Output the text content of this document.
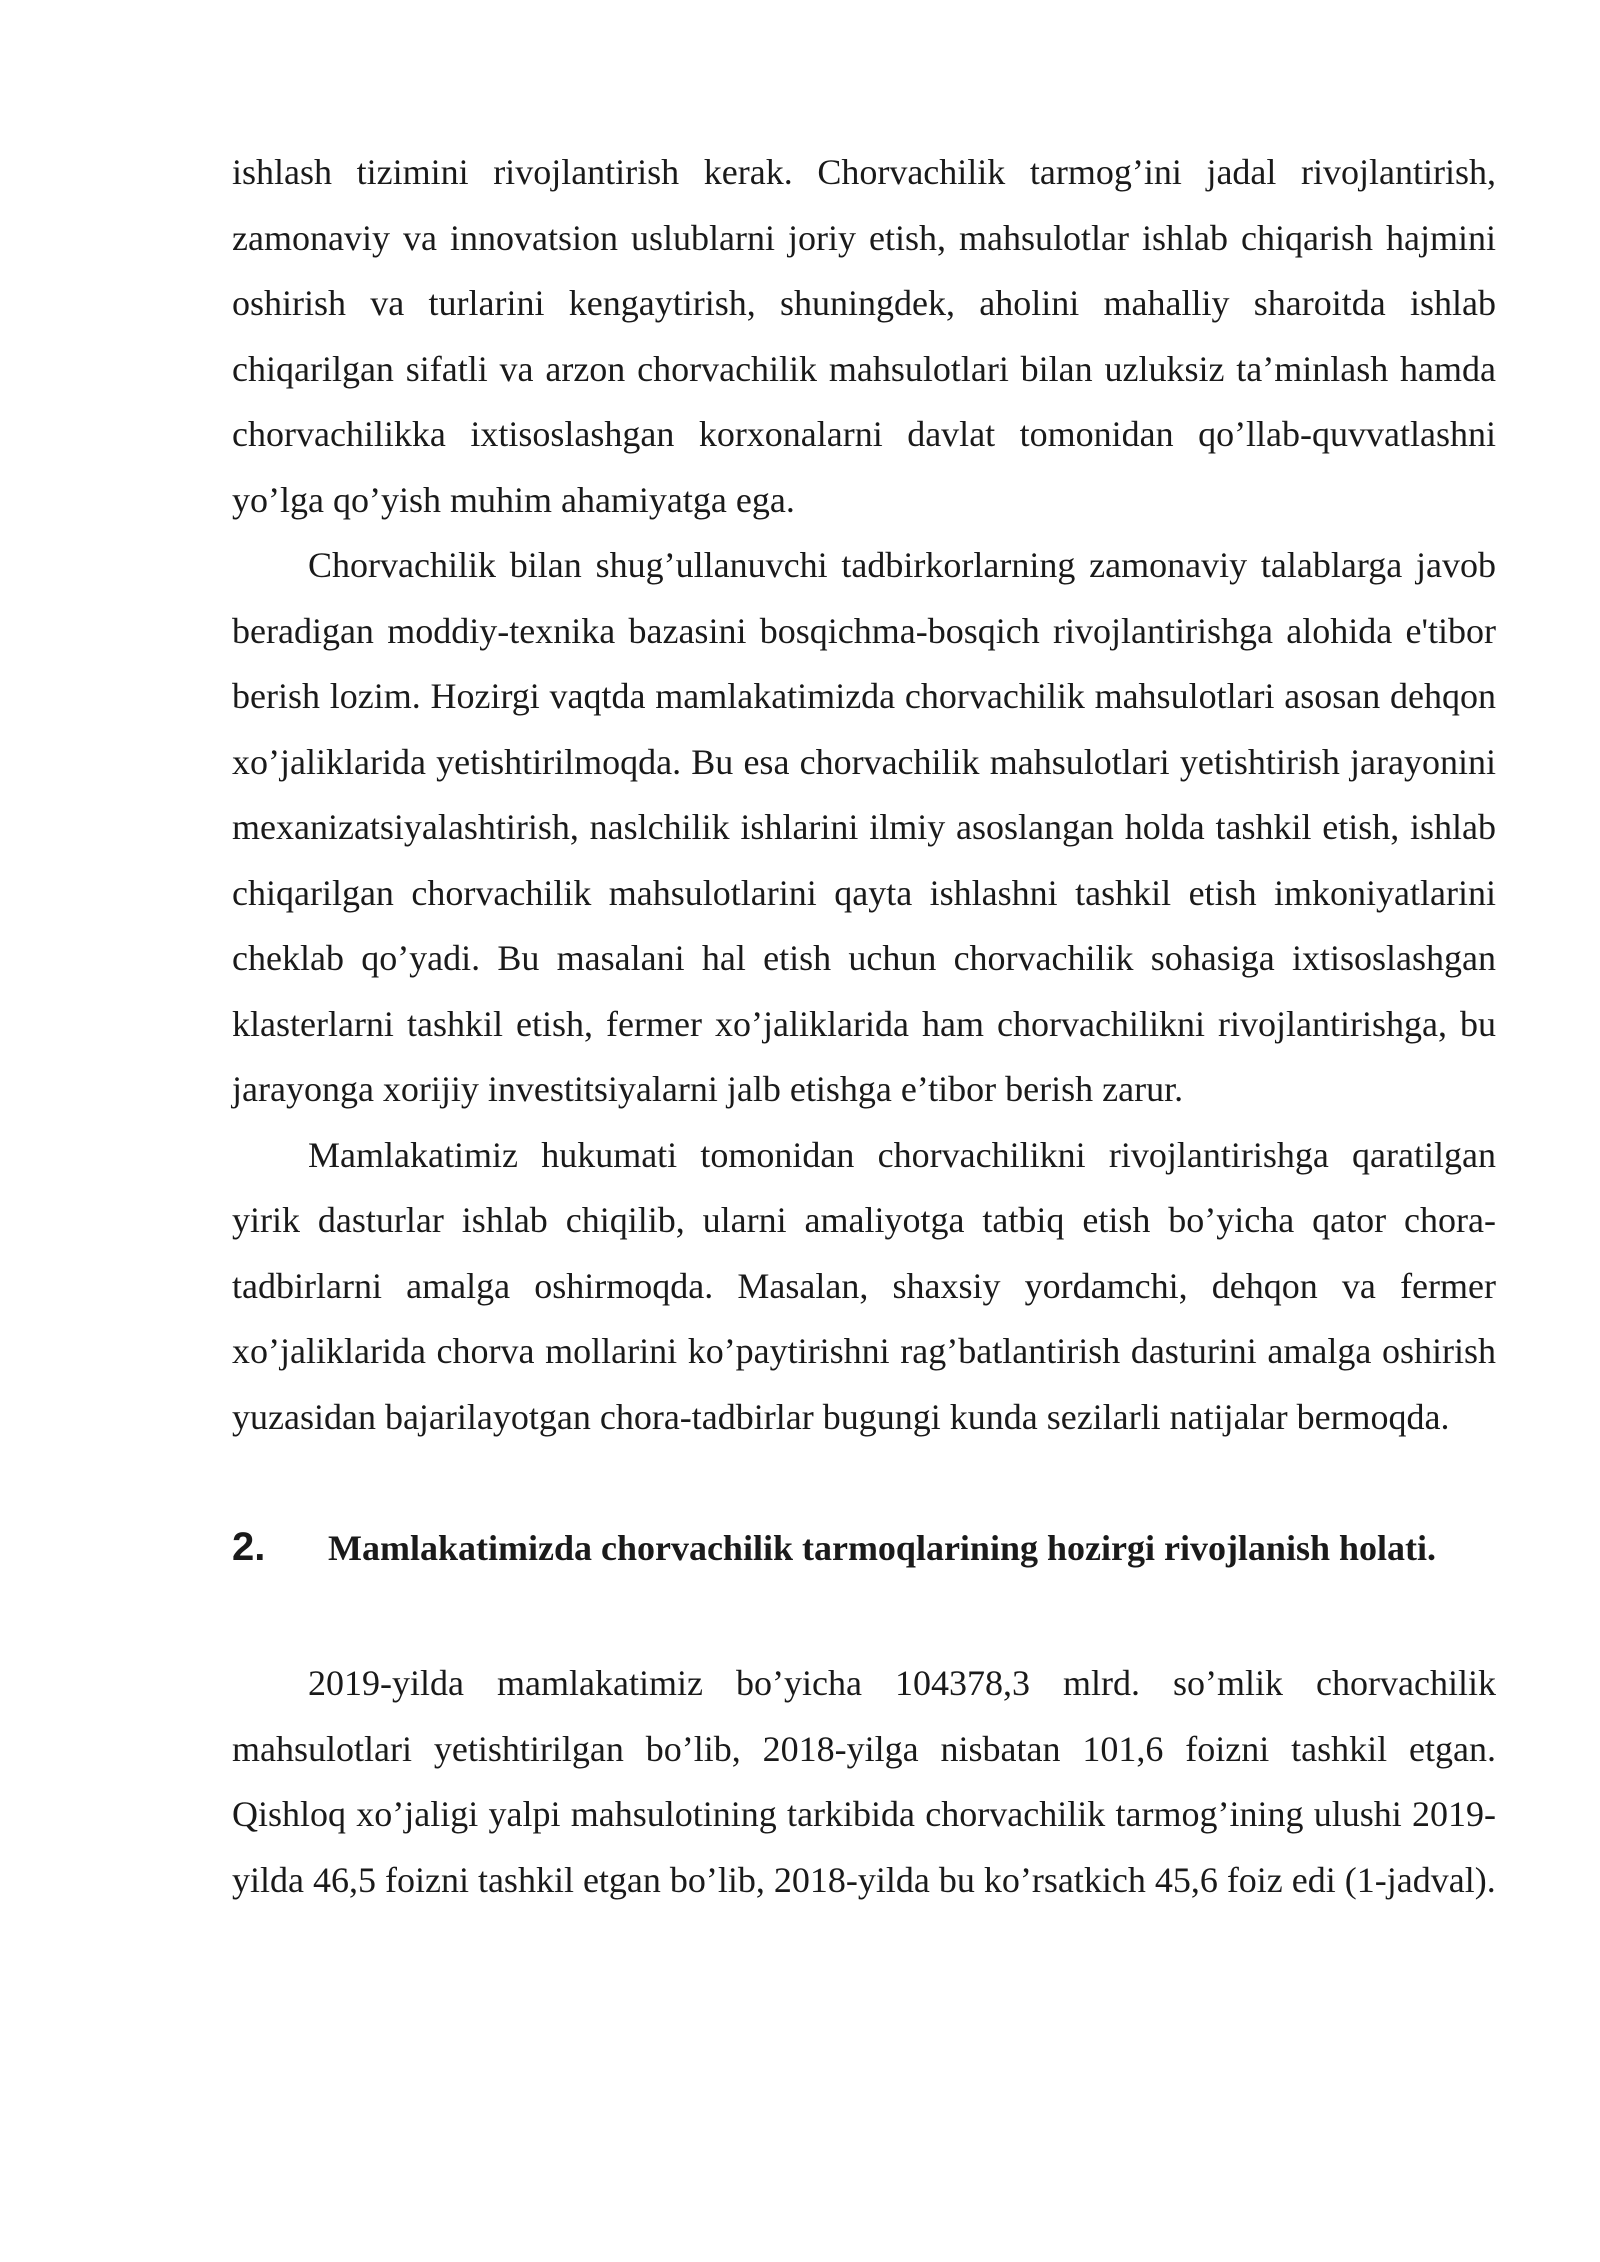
ishlash tizimini rivojlantirish kerak. Chorvachilik tarmog’ini jadal rivojlantirish, zamonaviy va innovatsion uslublarni joriy etish, mahsulotlar ishlab chiqarish hajmini oshirish va turlarini kengaytirish, shuningdek, aholini mahalliy sharoitda ishlab chiqarilgan sifatli va arzon chorvachilik mahsulotlari bilan uzluksiz ta’minlash hamda chorvachilikka ixtisoslashgan korxonalarni davlat tomonidan qo’llab-quvvatlashni yo’lga qo’yish muhim ahamiyatga ega.

Chorvachilik bilan shug’ullanuvchi tadbirkorlarning zamonaviy talablarga javob beradigan moddiy-texnika bazasini bosqichma-bosqich rivojlantirishga alohida e'tibor berish lozim. Hozirgi vaqtda mamlakatimizda chorvachilik mahsulotlari asosan dehqon xo’jaliklarida yetishtirilmoqda. Bu esa chorvachilik mahsulotlari yetishtirish jarayonini mexanizatsiyalashtirish, naslchilik ishlarini ilmiy asoslangan holda tashkil etish, ishlab chiqarilgan chorvachilik mahsulotlarini qayta ishlashni tashkil etish imkoniyatlarini cheklab qo’yadi. Bu masalani hal etish uchun chorvachilik sohasiga ixtisoslashgan klasterlarni tashkil etish, fermer xo’jaliklarida ham chorvachilikni rivojlantirishga, bu jarayonga xorijiy investitsiyalarni jalb etishga e’tibor berish zarur.

Mamlakatimiz hukumati tomonidan chorvachilikni rivojlantirishga qaratilgan yirik dasturlar ishlab chiqilib, ularni amaliyotga tatbiq etish bo’yicha qator chora-tadbirlarni amalga oshirmoqda. Masalan, shaxsiy yordamchi, dehqon va fermer xo’jaliklarida chorva mollarini ko’paytirishni rag’batlantirish dasturini amalga oshirish yuzasidan bajarilayotgan chora-tadbirlar bugungi kunda sezilarli natijalar bermoqda.

2.	Mamlakatimizda chorvachilik tarmoqlarining hozirgi rivojlanish holati.

2019-yilda mamlakatimiz bo’yicha 104378,3 mlrd. so’mlik chorvachilik mahsulotlari yetishtirilgan bo’lib, 2018-yilga nisbatan 101,6 foizni tashkil etgan. Qishloq xo’jaligi yalpi mahsulotining tarkibida chorvachilik tarmog’ining ulushi 2019-yilda 46,5 foizni tashkil etgan bo’lib, 2018-yilda bu ko’rsatkich 45,6 foiz edi (1-jadval).
